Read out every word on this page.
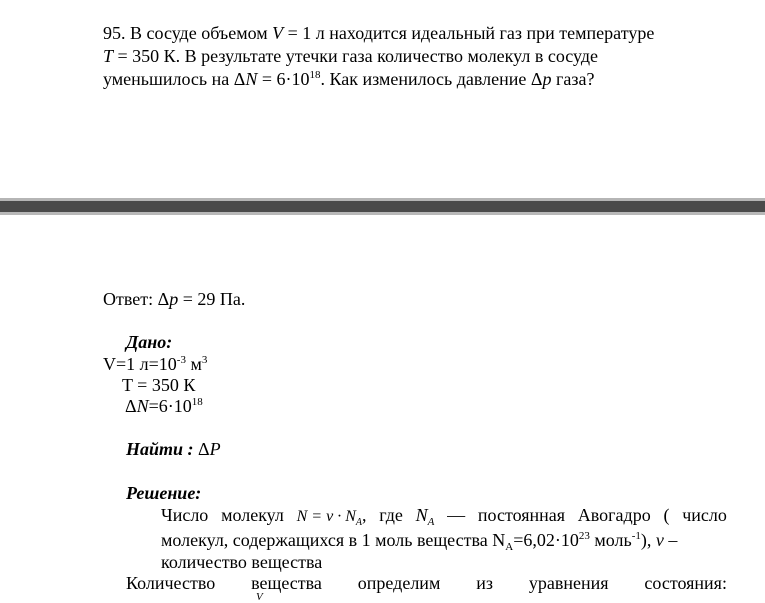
95. В сосуде объемом V = 1 л находится идеальный газ при температуре
T = 350 К. В результате утечки газа количество молекул в сосуде
уменьшилось на $\Delta N = 6\cdot 10^{18}$. Как изменилось давление Δp газа?
Ответ: Δp = 29 Па.
Дано:
V=1 $л=10^{-3}$ $м^3$
T = 350 К
$\Delta N=6\cdot 10^{18}$
Найти : ΔP
Решение:
Число молекул $N = \nu \cdot N_A$, где $N_A$ — постоянная Авогадро ( число
молекул, содержащихся в 1 моль вещества $N_A=6,02\cdot 10^{23}$ моль$^{-1}$), ν –
количество вещества
Количество вещества определим из уравнения состояния:
V
